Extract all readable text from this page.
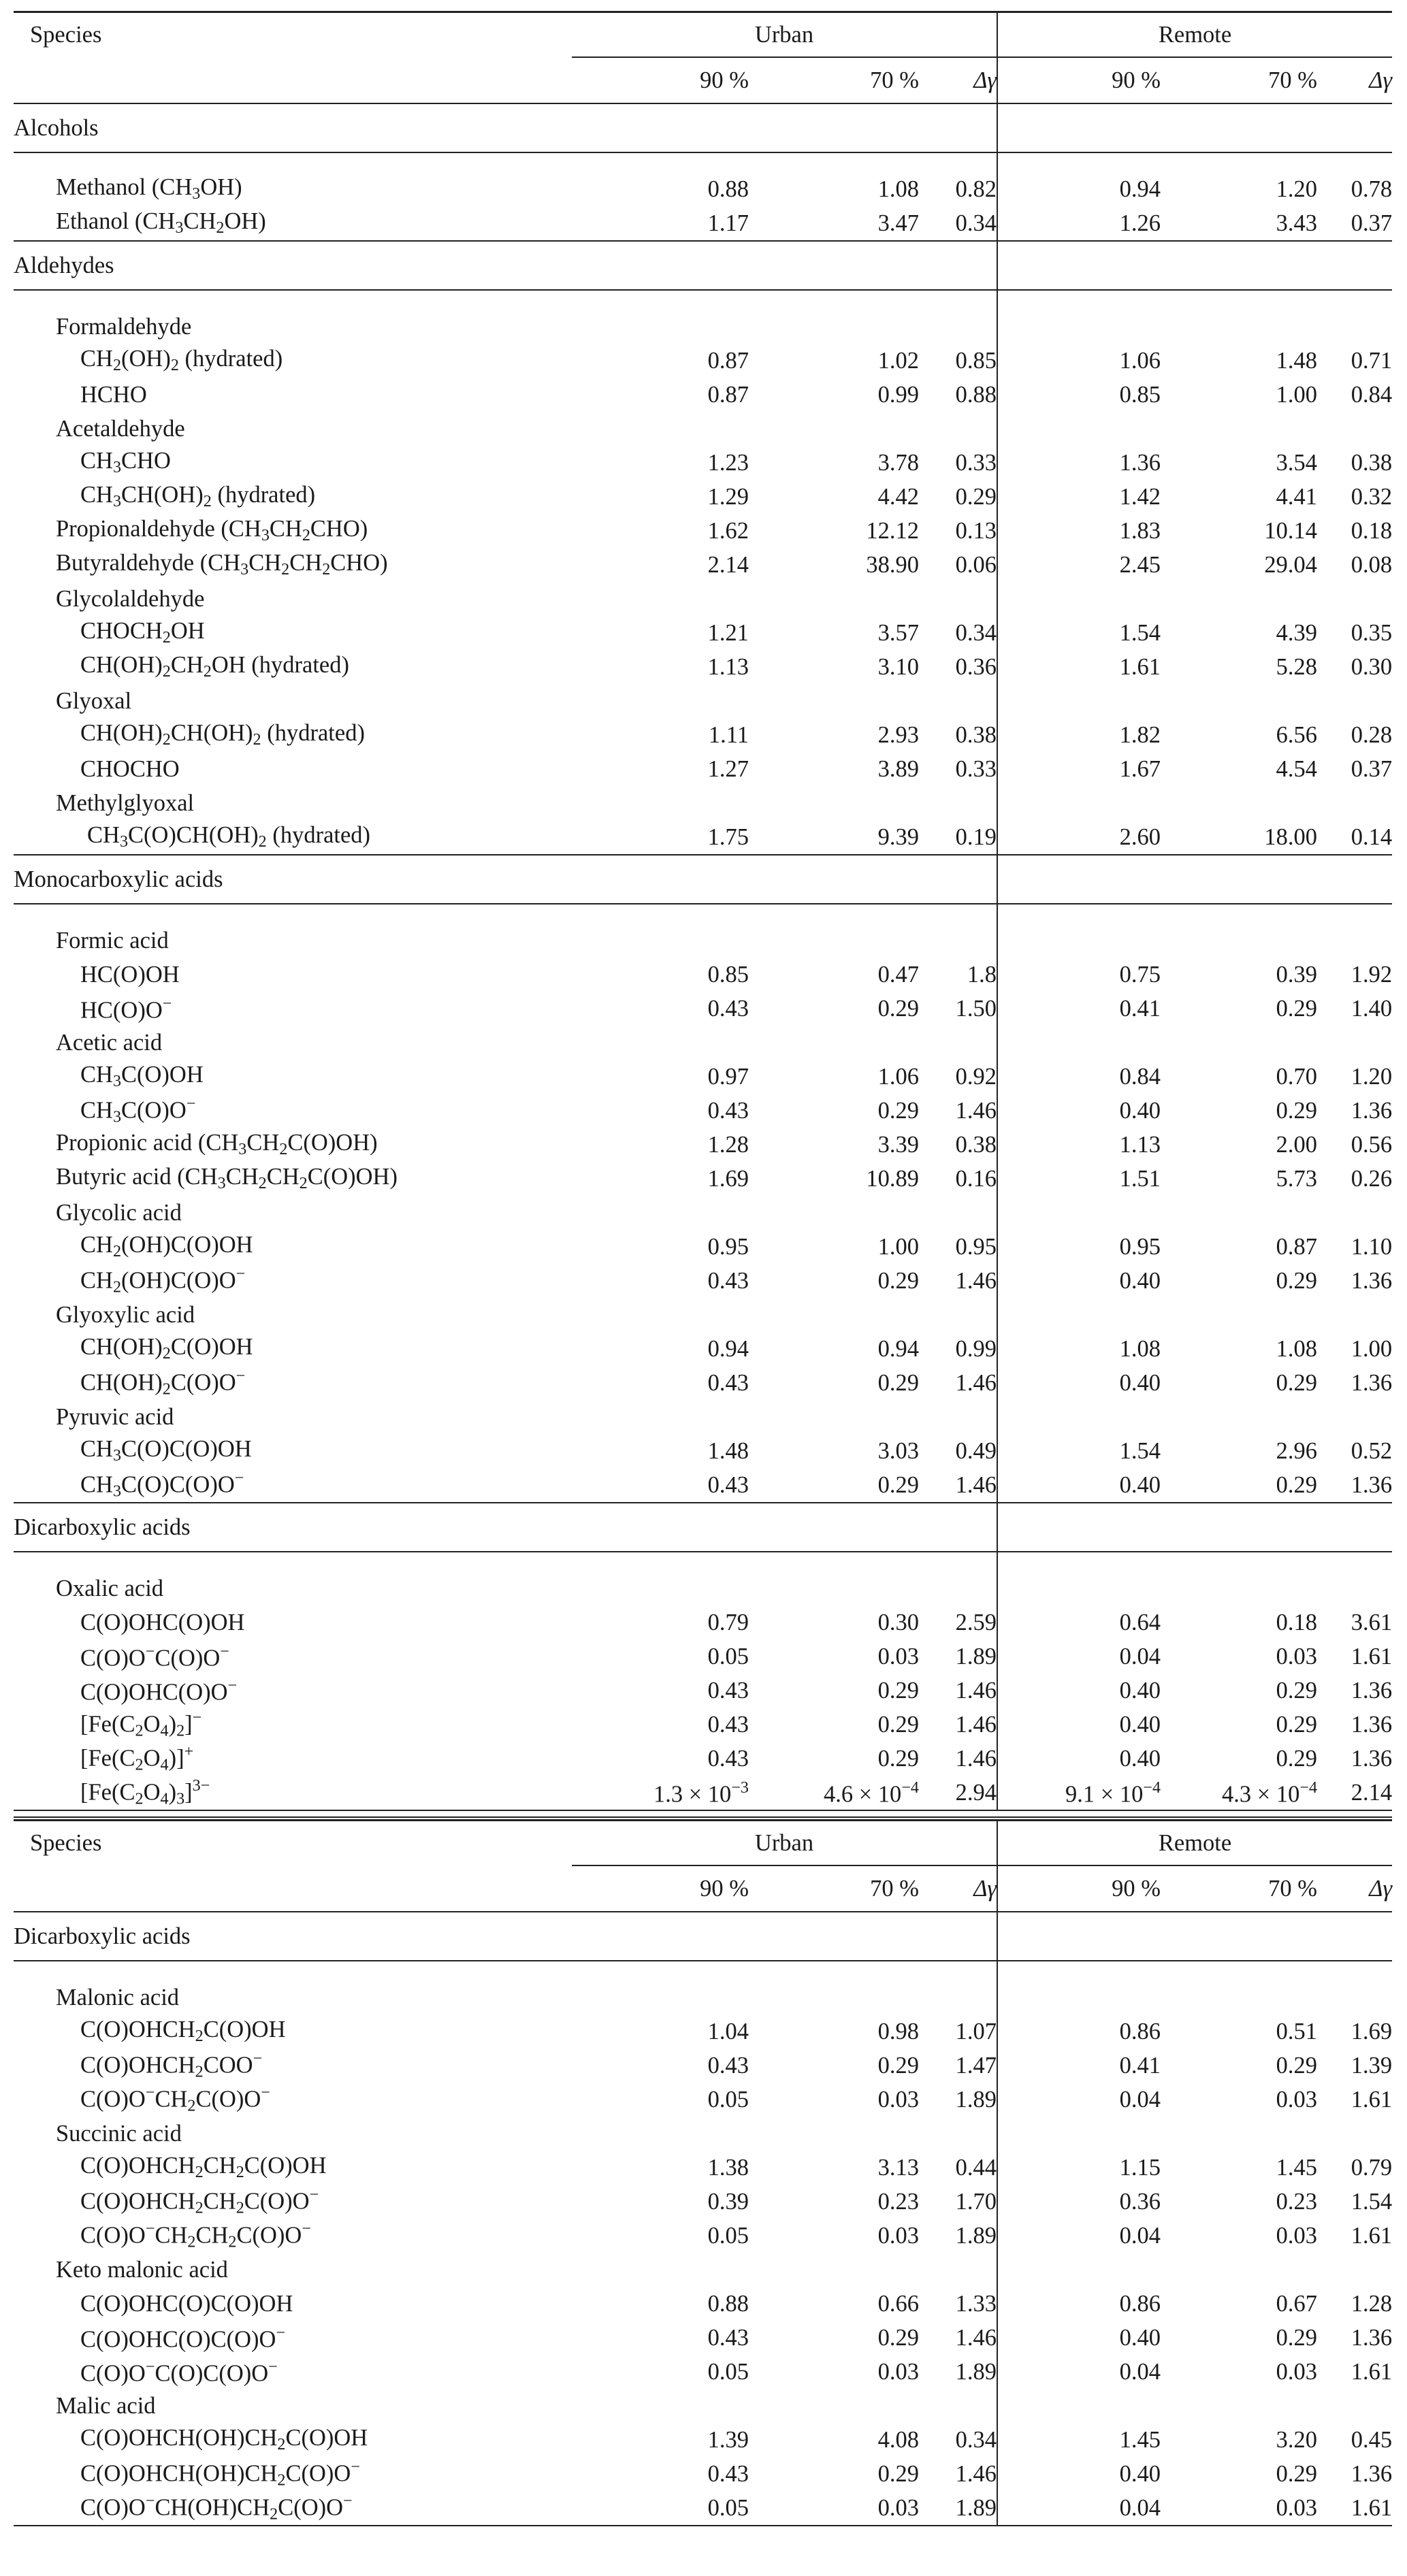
Species	Urban			Remote		
	90 %	70 %	Δγ	90 %	70 %	Δγ
Alcohols						

Methanol $(CH_3OH)$	0.88	1.08	0.82	0.94	1.20	0.78
Ethanol $(CH_3CH_2OH)$	1.17	3.47	0.34	1.26	3.43	0.37
Aldehydes						

Formaldehyde						
$CH_2(OH)_2$ (hydrated)	0.87	1.02	0.85	1.06	1.48	0.71
HCHO	0.87	0.99	0.88	0.85	1.00	0.84
Acetaldehyde						
$CH_3CHO$	1.23	3.78	0.33	1.36	3.54	0.38
$CH_3CH(OH)_2$ (hydrated)	1.29	4.42	0.29	1.42	4.41	0.32
Propionaldehyde $(CH_3CH_2CHO)$	1.62	12.12	0.13	1.83	10.14	0.18
Butyraldehyde $(CH_3CH_2CH_2CHO)$	2.14	38.90	0.06	2.45	29.04	0.08
Glycolaldehyde						
$CHOCH_2OH$	1.21	3.57	0.34	1.54	4.39	0.35
$CH(OH)_2CH_2OH$ (hydrated)	1.13	3.10	0.36	1.61	5.28	0.30
Glyoxal						
$CH(OH)_2CH(OH)_2$ (hydrated)	1.11	2.93	0.38	1.82	6.56	0.28
CHOCHO	1.27	3.89	0.33	1.67	4.54	0.37
Methylglyoxal						
$CH_3C(O)CH(OH)_2$ (hydrated)	1.75	9.39	0.19	2.60	18.00	0.14
Monocarboxylic acids						

Formic acid						
HC(O)OH	0.85	0.47	1.8	0.75	0.39	1.92
HC(O)O−	0.43	0.29	1.50	0.41	0.29	1.40
Acetic acid						
$CH_3C(O)OH$	0.97	1.06	0.92	0.84	0.70	1.20
$CH_3C(O)O^-$	0.43	0.29	1.46	0.40	0.29	1.36
Propionic acid $(CH_3CH_2C(O)OH)$	1.28	3.39	0.38	1.13	2.00	0.56
Butyric acid $(CH_3CH_2CH_2C(O)OH)$	1.69	10.89	0.16	1.51	5.73	0.26
Glycolic acid						
$CH_2(OH)C(O)OH$	0.95	1.00	0.95	0.95	0.87	1.10
$CH_2(OH)C(O)O^-$	0.43	0.29	1.46	0.40	0.29	1.36
Glyoxylic acid						
$CH(OH)_2C(O)OH$	0.94	0.94	0.99	1.08	1.08	1.00
$CH(OH)_2C(O)O^-$	0.43	0.29	1.46	0.40	0.29	1.36
Pyruvic acid						
$CH_3C(O)C(O)OH$	1.48	3.03	0.49	1.54	2.96	0.52
$CH_3C(O)C(O)O^-$	0.43	0.29	1.46	0.40	0.29	1.36
Dicarboxylic acids						

Oxalic acid						
C(O)OHC(O)OH	0.79	0.30	2.59	0.64	0.18	3.61
C(O)O−C(O)O−	0.05	0.03	1.89	0.04	0.03	1.61
C(O)OHC(O)O−	0.43	0.29	1.46	0.40	0.29	1.36
$[Fe(C_2O_4)_2]^-$	0.43	0.29	1.46	0.40	0.29	1.36
$[Fe(C_2O_4)]^+$	0.43	0.29	1.46	0.40	0.29	1.36
$[Fe(C_2O_4)_3]^{3-}$	$1.3 \times 10^{-3}$	$4.6 \times 10^{-4}$	2.94	$9.1 \times 10^{-4}$	$4.3 \times 10^{-4}$	2.14
Species	Urban			Remote		
	90 %	70 %	Δγ	90 %	70 %	Δγ
Dicarboxylic acids						

Malonic acid						
$C(O)OHCH_2C(O)OH$	1.04	0.98	1.07	0.86	0.51	1.69
$C(O)OHCH_2COO^-$	0.43	0.29	1.47	0.41	0.29	1.39
$C(O)O^-CH_2C(O)O^-$	0.05	0.03	1.89	0.04	0.03	1.61
Succinic acid						
$C(O)OHCH_2CH_2C(O)OH$	1.38	3.13	0.44	1.15	1.45	0.79
$C(O)OHCH_2CH_2C(O)O^-$	0.39	0.23	1.70	0.36	0.23	1.54
$C(O)O^-CH_2CH_2C(O)O^-$	0.05	0.03	1.89	0.04	0.03	1.61
Keto malonic acid						
C(O)OHC(O)C(O)OH	0.88	0.66	1.33	0.86	0.67	1.28
C(O)OHC(O)C(O)O−	0.43	0.29	1.46	0.40	0.29	1.36
C(O)O−C(O)C(O)O−	0.05	0.03	1.89	0.04	0.03	1.61
Malic acid						
$C(O)OHCH(OH)CH_2C(O)OH$	1.39	4.08	0.34	1.45	3.20	0.45
$C(O)OHCH(OH)CH_2C(O)O^-$	0.43	0.29	1.46	0.40	0.29	1.36
$C(O)O^-CH(OH)CH_2C(O)O^-$	0.05	0.03	1.89	0.04	0.03	1.61
